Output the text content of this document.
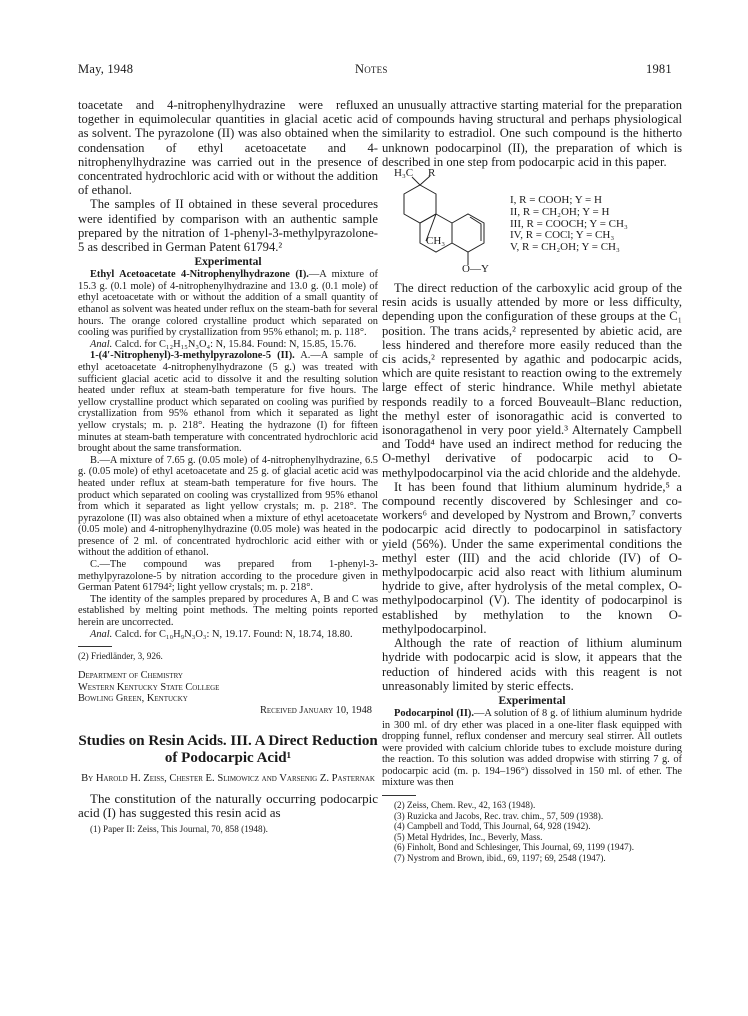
May, 1948	Notes	1981

toacetate and 4-nitrophenylhydrazine were refluxed together in equimolecular quantities in glacial acetic acid as solvent. The pyrazolone (II) was also obtained when the condensation of ethyl acetoacetate and 4-nitrophenylhydrazine was carried out in the presence of concentrated hydrochloric acid with or without the addition of ethanol.

The samples of II obtained in these several procedures were identified by comparison with an authentic sample prepared by the nitration of 1-phenyl-3-methylpyrazolone-5 as described in German Patent 61794.²

Experimental

Ethyl Acetoacetate 4-Nitrophenylhydrazone (I).—A mixture of 15.3 g. (0.1 mole) of 4-nitrophenylhydrazine and 13.0 g. (0.1 mole) of ethyl acetoacetate with or without the addition of a small quantity of ethanol as solvent was heated under reflux on the steam-bath for several hours. The orange colored crystalline product which separated on cooling was purified by crystallization from 95% ethanol; m. p. 118°.

Anal. Calcd. for C₁₂H₁₅N₃O₄: N, 15.84. Found: N, 15.85, 15.76.

1-(4′-Nitrophenyl)-3-methylpyrazolone-5 (II). A.—A sample of ethyl acetoacetate 4-nitrophenylhydrazone (5 g.) was treated with sufficient glacial acetic acid to dissolve it and the resulting solution heated under reflux at steam-bath temperature for five hours. The yellow crystalline product which separated on cooling was purified by crystallization from 95% ethanol from which it separated as light yellow crystals; m. p. 218°. Heating the hydrazone (I) for fifteen minutes at steam-bath temperature with concentrated hydrochloric acid brought about the same transformation.

B.—A mixture of 7.65 g. (0.05 mole) of 4-nitrophenylhydrazine, 6.5 g. (0.05 mole) of ethyl acetoacetate and 25 g. of glacial acetic acid was heated under reflux at steam-bath temperature for five hours. The product which separated on cooling was crystallized from 95% ethanol from which it separated as light yellow crystals; m. p. 218°. The pyrazolone (II) was also obtained when a mixture of ethyl acetoacetate (0.05 mole) and 4-nitrophenylhydrazine (0.05 mole) was heated in the presence of 2 ml. of concentrated hydrochloric acid either with or without the addition of ethanol.

C.—The compound was prepared from 1-phenyl-3-methylpyrazolone-5 by nitration according to the procedure given in German Patent 61794²; light yellow crystals; m. p. 218°.

The identity of the samples prepared by procedures A, B and C was established by melting point methods. The melting points reported herein are uncorrected.

Anal. Calcd. for C₁₀H₉N₃O₃: N, 19.17. Found: N, 18.74, 18.80.

(2) Friedländer, 3, 926.

Department of Chemistry
Western Kentucky State College
Bowling Green, Kentucky
Received January 10, 1948
Studies on Resin Acids. III. A Direct Reduction of Podocarpic Acid¹
By Harold H. Zeiss, Chester E. Slimowicz and Varsenig Z. Pasternak

The constitution of the naturally occurring podocarpic acid (I) has suggested this resin acid as

(1) Paper II: Zeiss, This Journal, 70, 858 (1948).

an unusually attractive starting material for the preparation of compounds having structural and perhaps physiological similarity to estradiol. One such compound is the hitherto unknown podocarpinol (II), the preparation of which is described in one step from podocarpic acid in this paper.

H₃C R
CH₃
O—Y
I, R = COOH; Y = H
II, R = CH₂OH; Y = H
III, R = COOCH; Y = CH₃
IV, R = COCl; Y = CH₃
V, R = CH₂OH; Y = CH₃

The direct reduction of the carboxylic acid group of the resin acids is usually attended by more or less difficulty, depending upon the configuration of these groups at the C₁ position. The trans acids,² represented by abietic acid, are less hindered and therefore more easily reduced than the cis acids,² represented by agathic and podocarpic acids, which are quite resistant to reaction owing to the extremely large effect of steric hindrance. While methyl abietate responds readily to a forced Bouveault–Blanc reduction, the methyl ester of isonoragathic acid is converted to isonoragathenol in very poor yield.³ Alternately Campbell and Todd⁴ have used an indirect method for reducing the O-methyl derivative of podocarpic acid to O-methylpodocarpinol via the acid chloride and the aldehyde.

It has been found that lithium aluminum hydride,⁵ a compound recently discovered by Schlesinger and co-workers⁶ and developed by Nystrom and Brown,⁷ converts podocarpic acid directly to podocarpinol in satisfactory yield (56%). Under the same experimental conditions the methyl ester (III) and the acid chloride (IV) of O-methylpodocarpic acid also react with lithium aluminum hydride to give, after hydrolysis of the metal complex, O-methylpodocarpinol (V). The identity of podocarpinol is established by methylation to the known O-methylpodocarpinol.

Although the rate of reaction of lithium aluminum hydride with podocarpic acid is slow, it appears that the reduction of hindered acids with this reagent is not unreasonably limited by steric effects.

Experimental

Podocarpinol (II).—A solution of 8 g. of lithium aluminum hydride in 300 ml. of dry ether was placed in a one-liter flask equipped with dropping funnel, reflux condenser and mercury seal stirrer. All outlets were provided with calcium chloride tubes to exclude moisture during the reaction. To this solution was added dropwise with stirring 7 g. of podocarpic acid (m. p. 194–196°) dissolved in 150 ml. of ether. The mixture was then

(2) Zeiss, Chem. Rev., 42, 163 (1948).

(3) Ruzicka and Jacobs, Rec. trav. chim., 57, 509 (1938).

(4) Campbell and Todd, This Journal, 64, 928 (1942).

(5) Metal Hydrides, Inc., Beverly, Mass.

(6) Finholt, Bond and Schlesinger, This Journal, 69, 1199 (1947).

(7) Nystrom and Brown, ibid., 69, 1197; 69, 2548 (1947).
